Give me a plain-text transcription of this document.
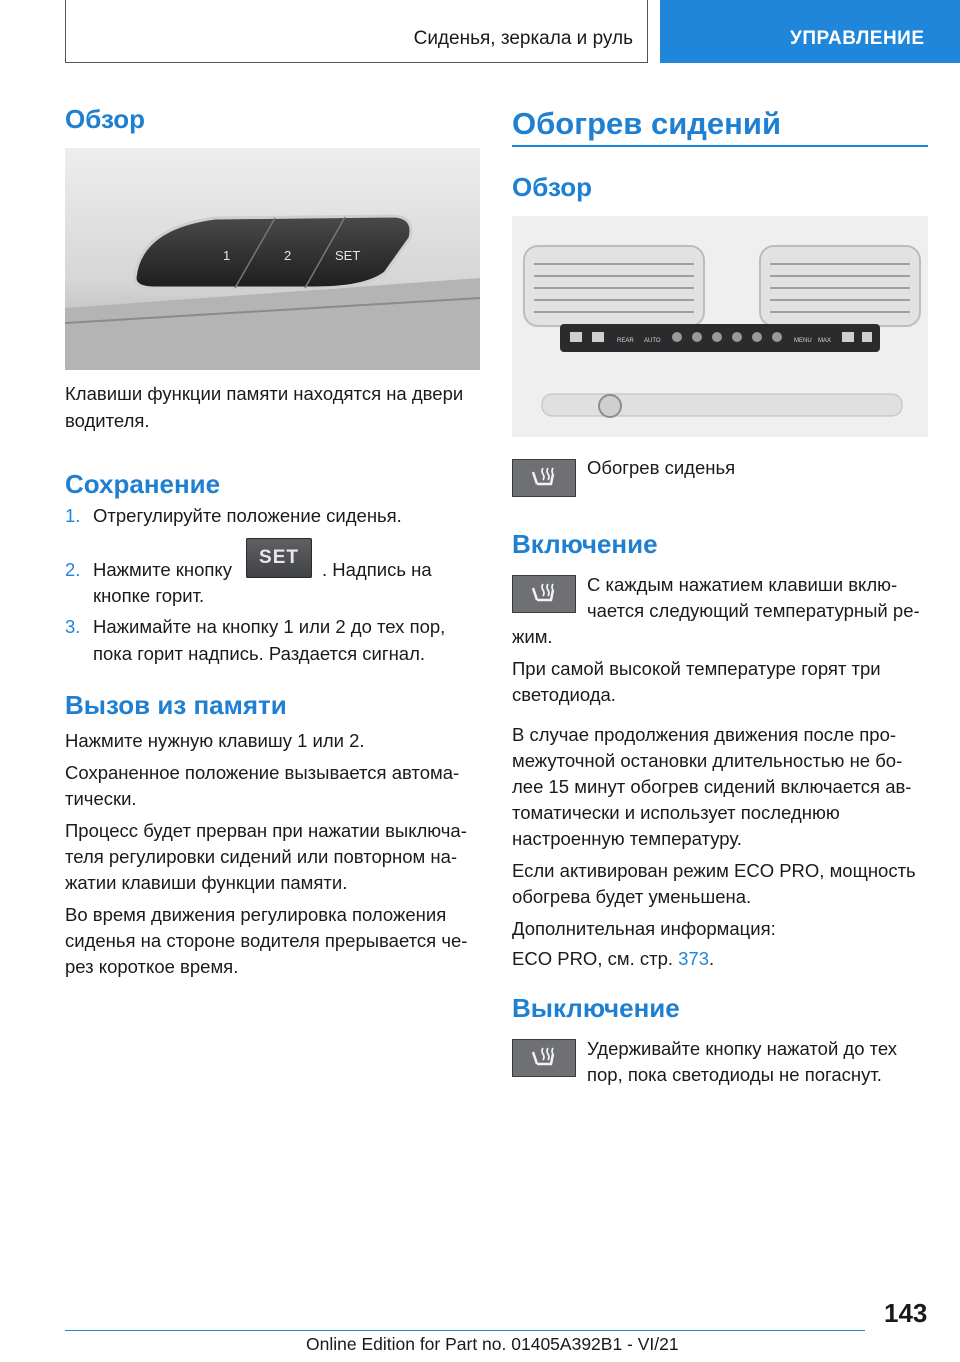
Сиденья, зеркала и руль	УПРАВЛЕНИЕ
Обзор
1	2	SET
Клавиши функции памяти находятся на двери
водителя.
Сохранение
1. Отрегулируйте положение сиденья.
2. Нажмите кнопку
SET
. Надпись на
кнопке горит.
3. Нажимайте на кнопку 1 или 2 до тех пор,
пока горит надпись. Раздается сигнал.
Вызов из памяти
Нажмите нужную клавишу 1 или 2.
Сохраненное положение вызывается автома-
тически.
Процесс будет прерван при нажатии выключа-
теля регулировки сидений или повторном на-
жатии клавиши функции памяти.
Во время движения регулировка положения
сиденья на стороне водителя прерывается че-
рез короткое время.
Обогрев сидений
Обзор
REAR AUTO	MENU MAX
Обогрев сиденья
Включение
С каждым нажатием клавиши вклю-
чается следующий температурный ре-
жим.
При самой высокой температуре горят три
светодиода.
В случае продолжения движения после про-
межуточной остановки длительностью не бо-
лее 15 минут обогрев сидений включается ав-
томатически и использует последнюю
настроенную температуру.
Если активирован режим ECO PRO, мощность
обогрева будет уменьшена.
Дополнительная информация:
ECO PRO, см. стр. 373.
Выключение
Удерживайте кнопку нажатой до тех
пор, пока светодиоды не погаснут.
143
Online Edition for Part no. 01405A392B1 - VI/21
